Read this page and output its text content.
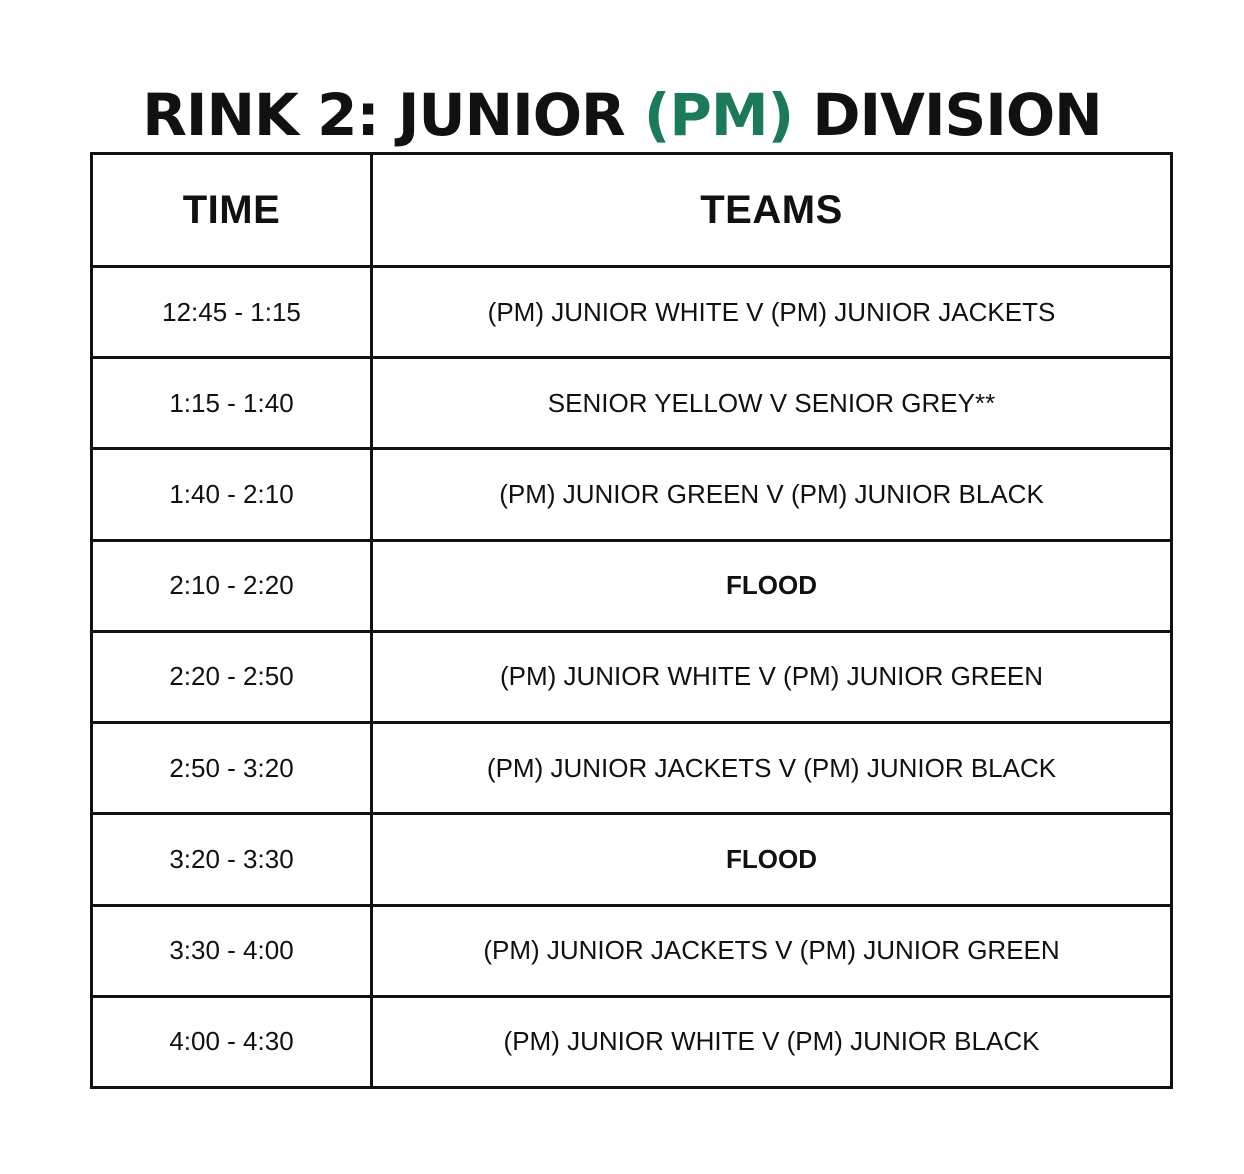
RINK 2: JUNIOR (PM) DIVISION
TIME	TEAMS
12:45 - 1:15	(PM) JUNIOR WHITE V (PM) JUNIOR JACKETS
1:15 - 1:40	SENIOR YELLOW V SENIOR GREY**
1:40 - 2:10	(PM) JUNIOR GREEN V (PM) JUNIOR BLACK
2:10 - 2:20	FLOOD
2:20 - 2:50	(PM) JUNIOR WHITE V (PM) JUNIOR GREEN
2:50 - 3:20	(PM) JUNIOR JACKETS V (PM) JUNIOR BLACK
3:20 - 3:30	FLOOD
3:30 - 4:00	(PM) JUNIOR JACKETS V (PM) JUNIOR GREEN
4:00 - 4:30	(PM) JUNIOR WHITE V (PM) JUNIOR BLACK
